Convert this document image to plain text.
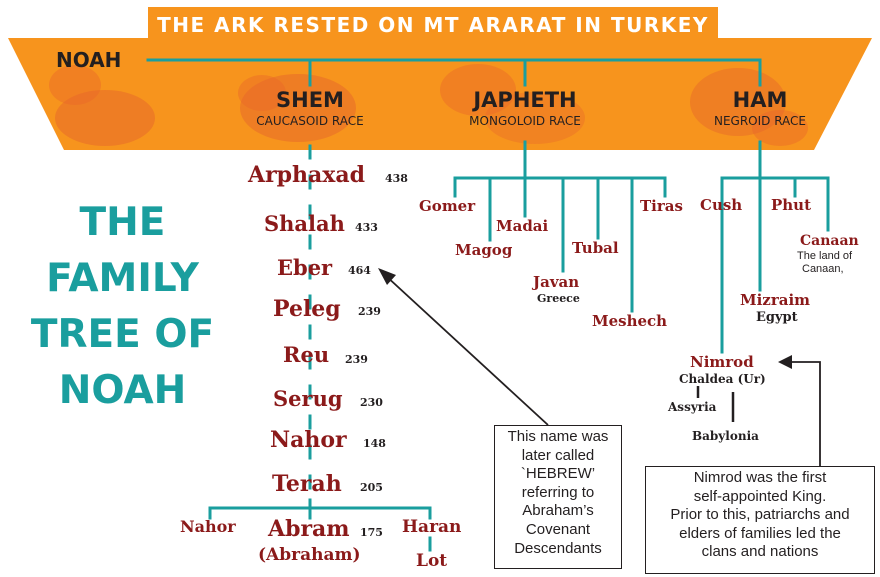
THE ARK RESTED ON MT ARARAT IN TURKEY
NOAH
SHEM
CAUCASOID RACE
JAPHETH
MONGOLOID RACE
HAM
NEGROID RACE
THE
FAMILY
TREE OF
NOAH
Arphaxad 438
Shalah 433
Eber 464
Peleg 239
Reu 239
Serug 230
Nahor 148
Terah 205
Nahor Abram 175
(Abraham)
Haran
Lot
Gomer
Magog
Madai
Javan
Greece
Tubal
Meshech
Tiras Cush Phut
Canaan
The land of
Canaan,
Mizraim
Egypt
Nimrod
Chaldea (Ur)
Assyria
Babylonia
This name was
later called
`HEBREW’
referring to
Abraham’s
Covenant
Descendants
Nimrod was the first
self-appointed King.
Prior to this, patriarchs and
elders of families led the
clans and nations
